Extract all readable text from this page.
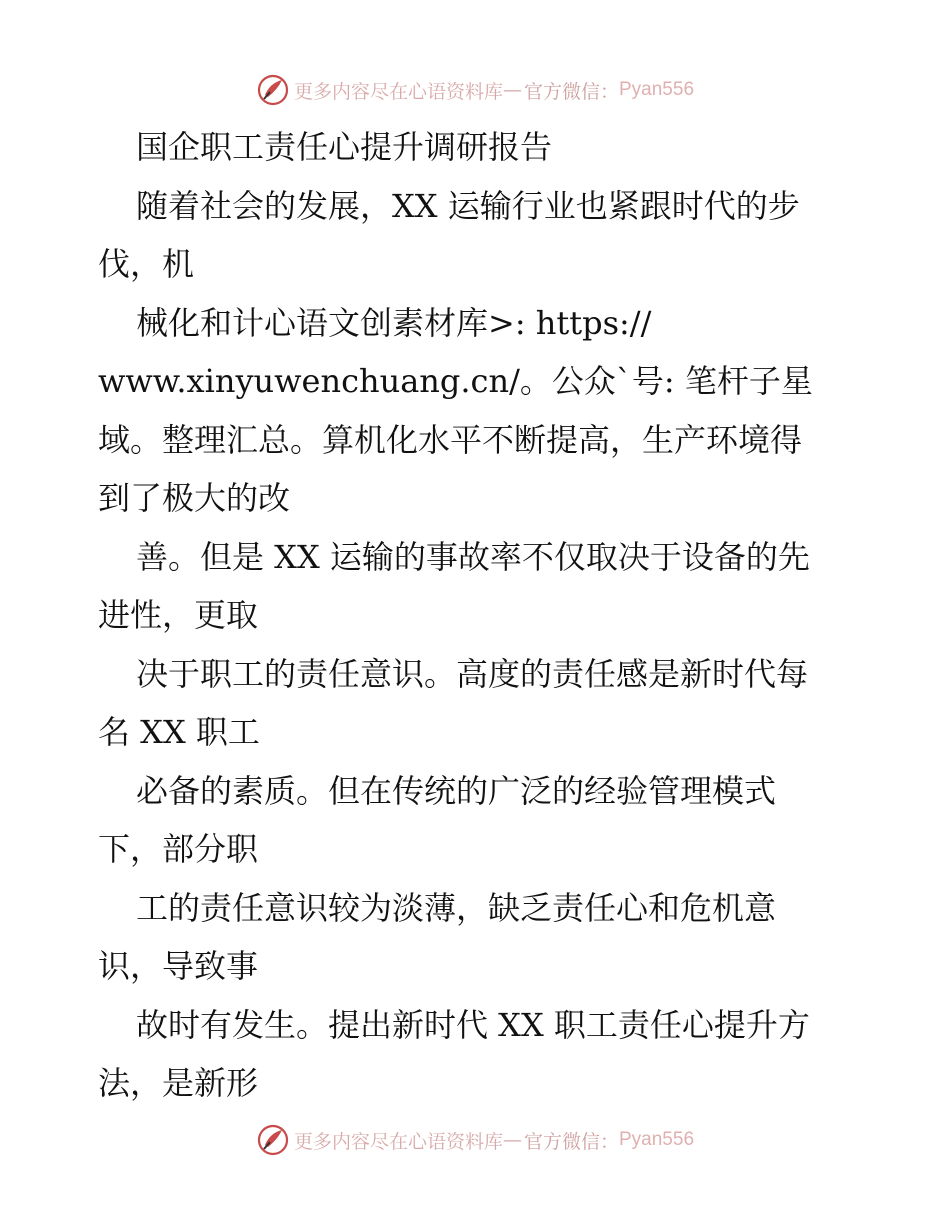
更多内容尽在心语资料库 — 官方微信： Pyan556
国企职工责任心提升调研报告
随着社会的发展，XX 运输行业也紧跟时代的步
伐，机
械化和计心语文创素材库>: https://
www.xinyuwenchuang.cn/。公众`号: 笔杆子星
域。整理汇总。算机化水平不断提高，生产环境得
到了极大的改
善。但是 XX 运输的事故率不仅取决于设备的先
进性，更取
决于职工的责任意识。高度的责任感是新时代每
名 XX 职工
必备的素质。但在传统的广泛的经验管理模式
下，部分职
工的责任意识较为淡薄，缺乏责任心和危机意
识，导致事
故时有发生。提出新时代 XX 职工责任心提升方
法，是新形
更多内容尽在心语资料库 — 官方微信： Pyan556
